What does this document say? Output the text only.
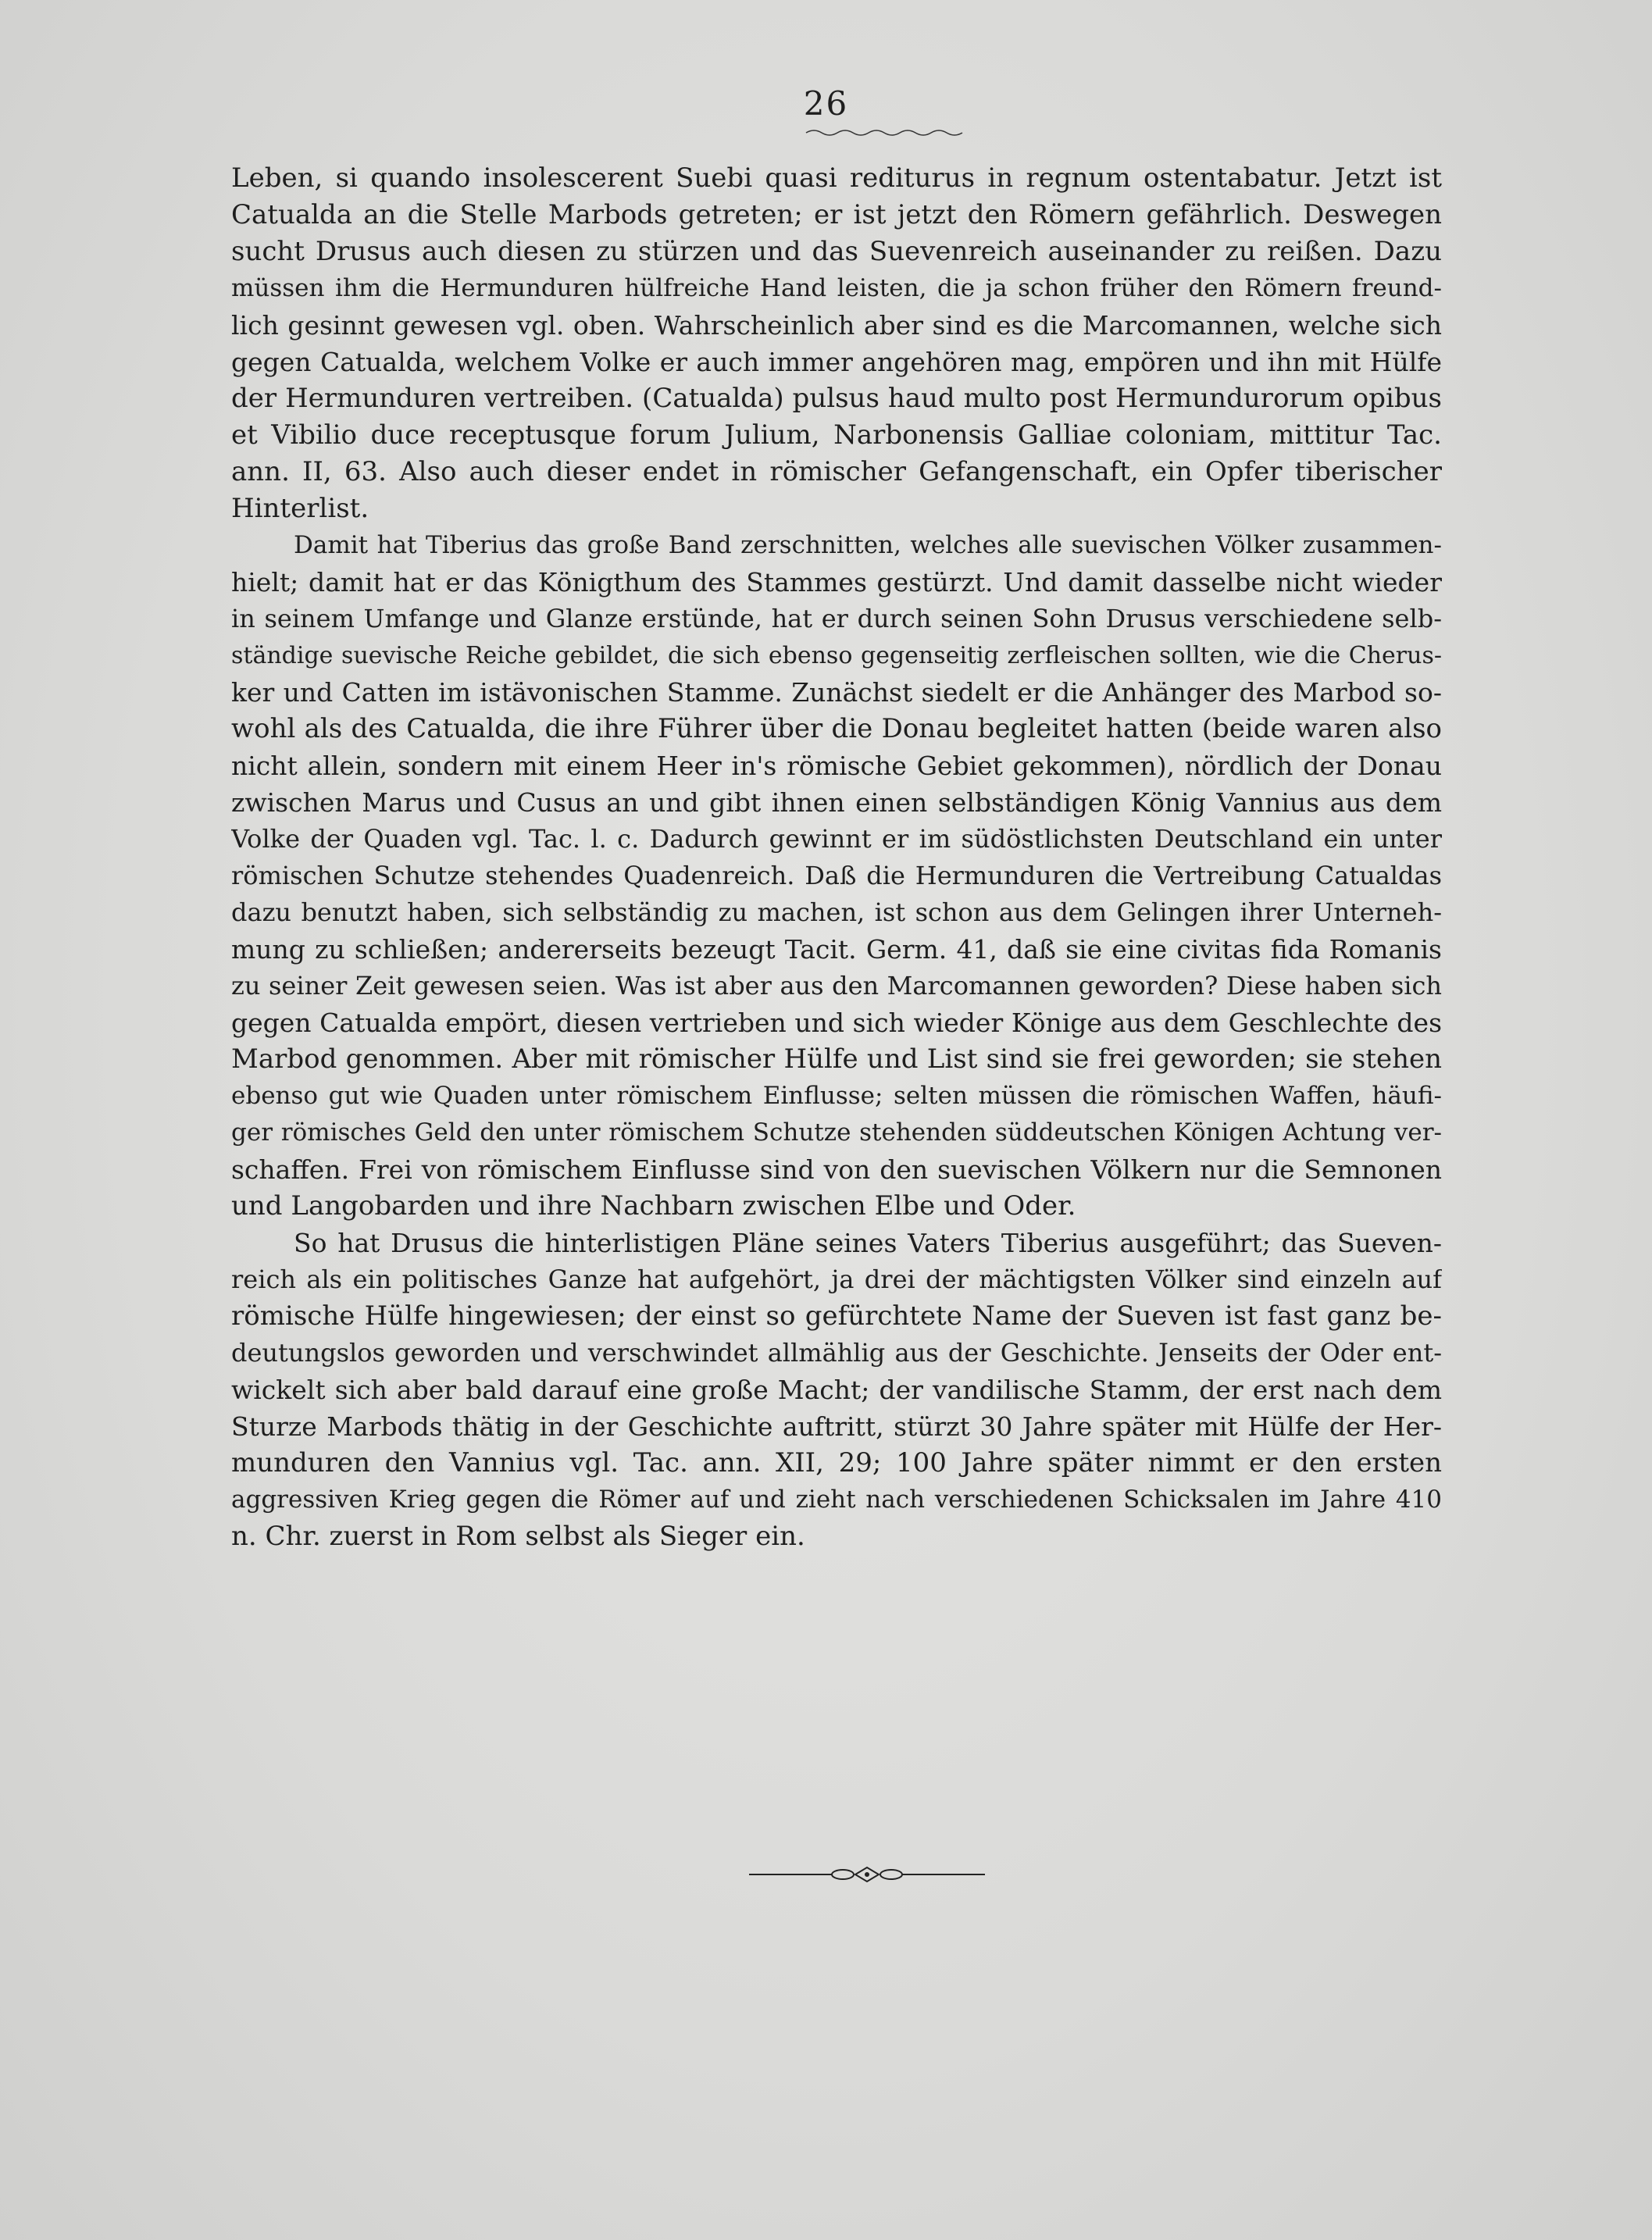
26
Leben, si quando insolescerent Suebi quasi rediturus in regnum ostentabatur. Jetzt ist
Catualda an die Stelle Marbods getreten; er ist jetzt den Römern gefährlich. Deswegen
sucht Drusus auch diesen zu stürzen und das Suevenreich auseinander zu reißen. Dazu
müssen ihm die Hermunduren hülfreiche Hand leisten, die ja schon früher den Römern freund-
lich gesinnt gewesen vgl. oben. Wahrscheinlich aber sind es die Marcomannen, welche sich
gegen Catualda, welchem Volke er auch immer angehören mag, empören und ihn mit Hülfe
der Hermunduren vertreiben. (Catualda) pulsus haud multo post Hermundurorum opibus
et Vibilio duce receptusque forum Julium, Narbonensis Galliae coloniam, mittitur Tac.
ann. II, 63. Also auch dieser endet in römischer Gefangenschaft, ein Opfer tiberischer
Hinterlist.
Damit hat Tiberius das große Band zerschnitten, welches alle suevischen Völker zusammen-
hielt; damit hat er das Königthum des Stammes gestürzt. Und damit dasselbe nicht wieder
in seinem Umfange und Glanze erstünde, hat er durch seinen Sohn Drusus verschiedene selb-
ständige suevische Reiche gebildet, die sich ebenso gegenseitig zerfleischen sollten, wie die Cherus-
ker und Catten im istävonischen Stamme. Zunächst siedelt er die Anhänger des Marbod so-
wohl als des Catualda, die ihre Führer über die Donau begleitet hatten (beide waren also
nicht allein, sondern mit einem Heer in's römische Gebiet gekommen), nördlich der Donau
zwischen Marus und Cusus an und gibt ihnen einen selbständigen König Vannius aus dem
Volke der Quaden vgl. Tac. l. c. Dadurch gewinnt er im südöstlichsten Deutschland ein unter
römischen Schutze stehendes Quadenreich. Daß die Hermunduren die Vertreibung Catualdas
dazu benutzt haben, sich selbständig zu machen, ist schon aus dem Gelingen ihrer Unterneh-
mung zu schließen; andererseits bezeugt Tacit. Germ. 41, daß sie eine civitas fida Romanis
zu seiner Zeit gewesen seien. Was ist aber aus den Marcomannen geworden? Diese haben sich
gegen Catualda empört, diesen vertrieben und sich wieder Könige aus dem Geschlechte des
Marbod genommen. Aber mit römischer Hülfe und List sind sie frei geworden; sie stehen
ebenso gut wie Quaden unter römischem Einflusse; selten müssen die römischen Waffen, häufi-
ger römisches Geld den unter römischem Schutze stehenden süddeutschen Königen Achtung ver-
schaffen. Frei von römischem Einflusse sind von den suevischen Völkern nur die Semnonen
und Langobarden und ihre Nachbarn zwischen Elbe und Oder.
So hat Drusus die hinterlistigen Pläne seines Vaters Tiberius ausgeführt; das Sueven-
reich als ein politisches Ganze hat aufgehört, ja drei der mächtigsten Völker sind einzeln auf
römische Hülfe hingewiesen; der einst so gefürchtete Name der Sueven ist fast ganz be-
deutungslos geworden und verschwindet allmählig aus der Geschichte. Jenseits der Oder ent-
wickelt sich aber bald darauf eine große Macht; der vandilische Stamm, der erst nach dem
Sturze Marbods thätig in der Geschichte auftritt, stürzt 30 Jahre später mit Hülfe der Her-
munduren den Vannius vgl. Tac. ann. XII, 29; 100 Jahre später nimmt er den ersten
aggressiven Krieg gegen die Römer auf und zieht nach verschiedenen Schicksalen im Jahre 410
n. Chr. zuerst in Rom selbst als Sieger ein.
